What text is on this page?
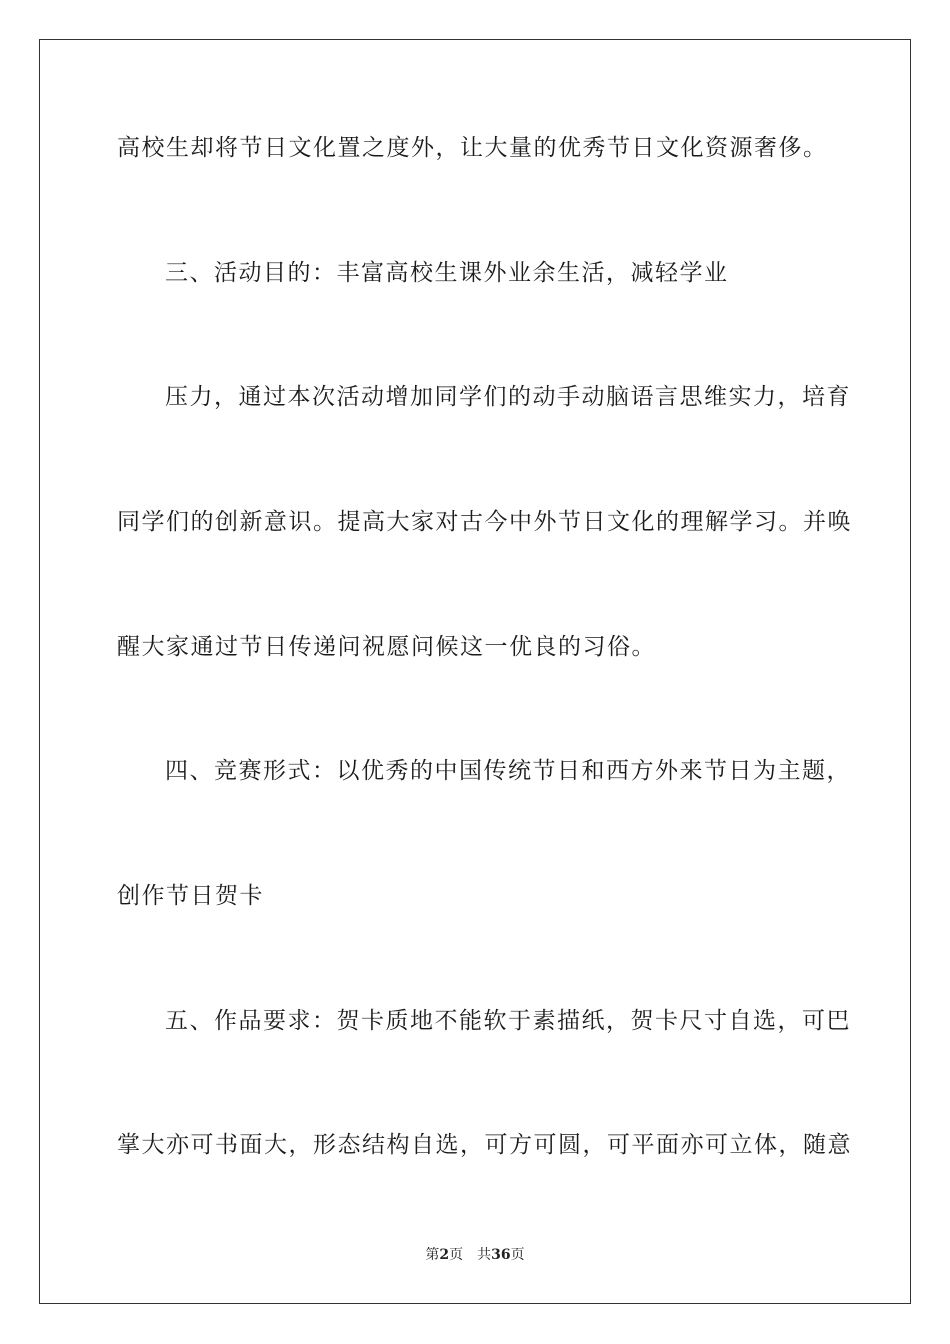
高校生却将节日文化置之度外，让大量的优秀节日文化资源奢侈。
三、活动目的：丰富高校生课外业余生活，减轻学业
压力，通过本次活动增加同学们的动手动脑语言思维实力，培育
同学们的创新意识。提高大家对古今中外节日文化的理解学习。并唤
醒大家通过节日传递问祝愿问候这一优良的习俗。
四、竞赛形式：以优秀的中国传统节日和西方外来节日为主题，
创作节日贺卡
五、作品要求：贺卡质地不能软于素描纸，贺卡尺寸自选，可巴
掌大亦可书面大，形态结构自选，可方可圆，可平面亦可立体，随意
第2页 共36页
